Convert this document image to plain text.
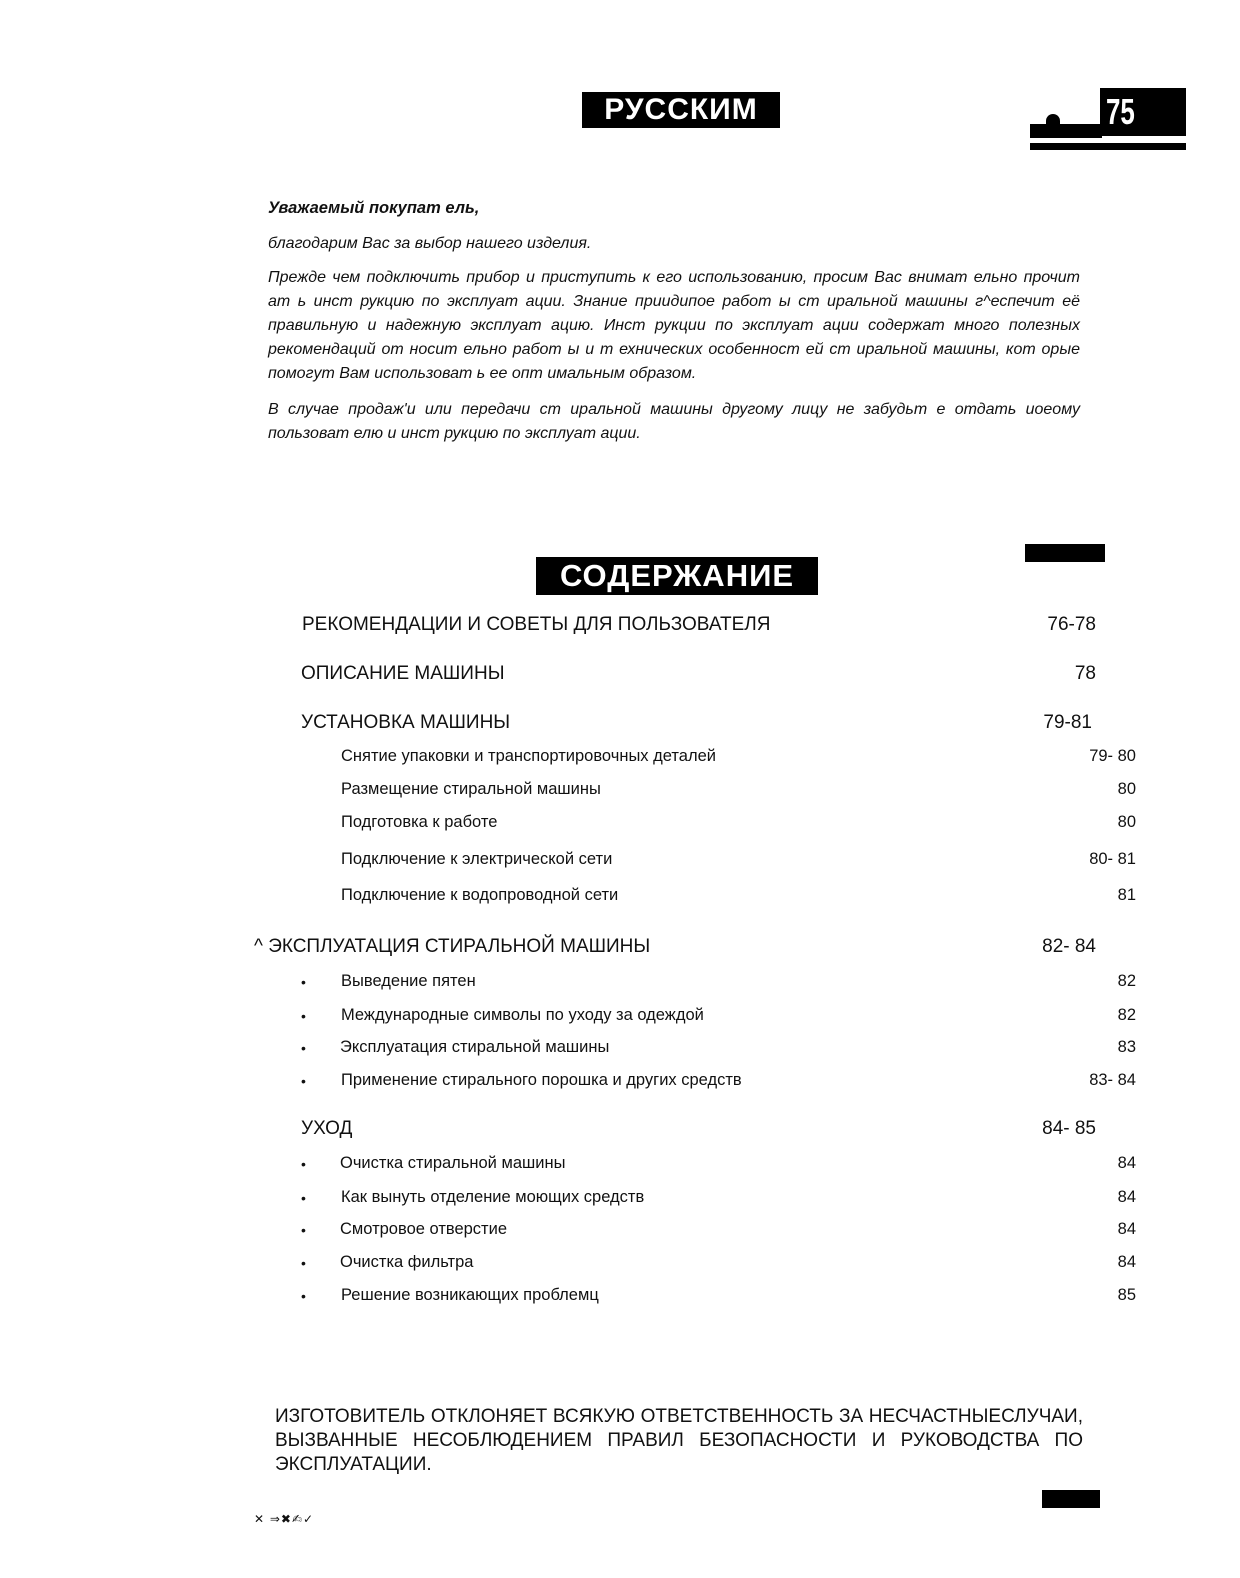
РУССКИМ	75
Уважаемый покупат ель,
благодарим Вас за выбор нашего изделия.
Прежде чем подключить прибор и приступить к его использованию, просим Вас внимат ельно прочит ат ь инст рукцию по эксплуат ации. Знание приидипое работ ы ст иральной машины г^еспечит её правильную и надежную эксплуат ацию. Инст рукции по эксплуат ации содержат много полезных рекомендаций от носит ельно работ ы и т ехнических особенност ей ст иральной машины, кот орые помогут Вам использоват ь ее опт имальным образом.
В случае продаж'и или передачи ст иральной машины другому лицу не забудьт е отдать иоеому пользоват елю и инст рукцию по эксплуат ации.
СОДЕРЖАНИЕ
РЕКОМЕНДАЦИИ И СОВЕТЫ ДЛЯ ПОЛЬЗОВАТЕЛЯ	76-78
ОПИСАНИЕ МАШИНЫ	78
УСТАНОВКА МАШИНЫ	79-81
Снятие упаковки и транспортировочных деталей	79- 80
Размещение стиральной машины	80
Подготовка к работе	80
Подключение к электрической сети	80- 81
Подключение к водопроводной сети	81
^ ЭКСПЛУАТАЦИЯ СТИРАЛЬНОЙ МАШИНЫ	82- 84
• Выведение пятен	82
• Международные символы по уходу за одеждой	82
• Эксплуатация стиральной машины	83
• Применение стирального порошка и других средств	83- 84
УХОД	84- 85
• Очистка стиральной машины	84
• Как вынуть отделение моющих средств	84
• Смотровое отверстие	84
• Очистка фильтра	84
• Решение возникающих проблемц	85
ИЗГОТОВИТЕЛЬ ОТКЛОНЯЕТ ВСЯКУЮ ОТВЕТСТВЕННОСТЬ ЗА НЕСЧАСТНЫЕСЛУЧАИ, ВЫЗВАННЫЕ НЕСОБЛЮДЕНИЕМ ПРАВИЛ БЕЗОПАСНОСТИ И РУКОВОДСТВА ПО ЭКСПЛУАТАЦИИ.
✕ ⇒✖✍✓
